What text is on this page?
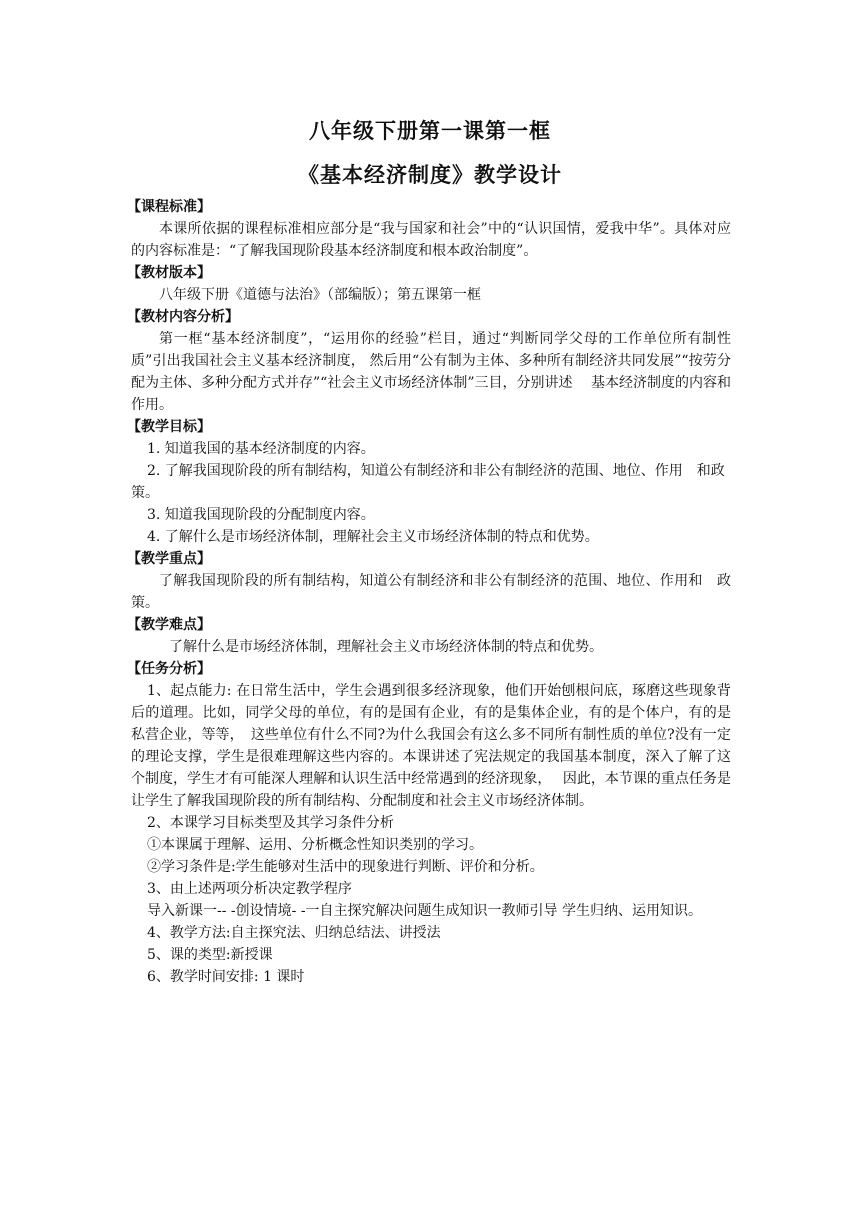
八年级下册第一课第一框
《基本经济制度》教学设计
【课程标准】
本课所依据的课程标准相应部分是“我与国家和社会”中的“认识国情，爱我中华”。具体对应的内容标准是：“了解我国现阶段基本经济制度和根本政治制度”。
【教材版本】
八年级下册《道德与法治》（部编版）；第五课第一框
【教材内容分析】
第一框“基本经济制度”，“运用你的经验”栏目，通过“判断同学父母的工作单位所有制性质”引出我国社会主义基本经济制度， 然后用“公有制为主体、多种所有制经济共同发展”“按劳分配为主体、多种分配方式并存”“社会主义市场经济体制”三目，分别讲述　 基本经济制度的内容和作用。
【教学目标】
1. 知道我国的基本经济制度的内容。
2. 了解我国现阶段的所有制结构，知道公有制经济和非公有制经济的范围、地位、作用　和政策。
3. 知道我国现阶段的分配制度内容。
4. 了解什么是市场经济体制，理解社会主义市场经济体制的特点和优势。
【教学重点】
了解我国现阶段的所有制结构，知道公有制经济和非公有制经济的范围、地位、作用和　政策。
【教学难点】
了解什么是市场经济体制，理解社会主义市场经济体制的特点和优势。
【任务分析】
1、起点能力: 在日常生活中，学生会遇到很多经济现象，他们开始刨根问底，琢磨这些现象背后的道理。比如，同学父母的单位，有的是国有企业，有的是集体企业，有的是个体户，有的是私营企业，等等，　这些单位有什么不同?为什么我国会有这么多不同所有制性质的单位?没有一定的理论支撑，学生是很难理解这些内容的。本课讲述了宪法规定的我国基本制度，深入了解了这个制度，学生才有可能深人理解和认识生活中经常遇到的经济现象，　 因此，本节课的重点任务是让学生了解我国现阶段的所有制结构、分配制度和社会主义市场经济体制。
2、本课学习目标类型及其学习条件分析
①本课属于理解、运用、分析概念性知识类别的学习。
②学习条件是:学生能够对生活中的现象进行判断、评价和分析。
3、由上述两项分析决定教学程序
导入新课一-- -创设情境- -一自主探究解决问题生成知识一教师引导 学生归纳、运用知识。
4、教学方法:自主探究法、归纳总结法、讲授法
5、课的类型:新授课
6、教学时间安排: 1 课时
